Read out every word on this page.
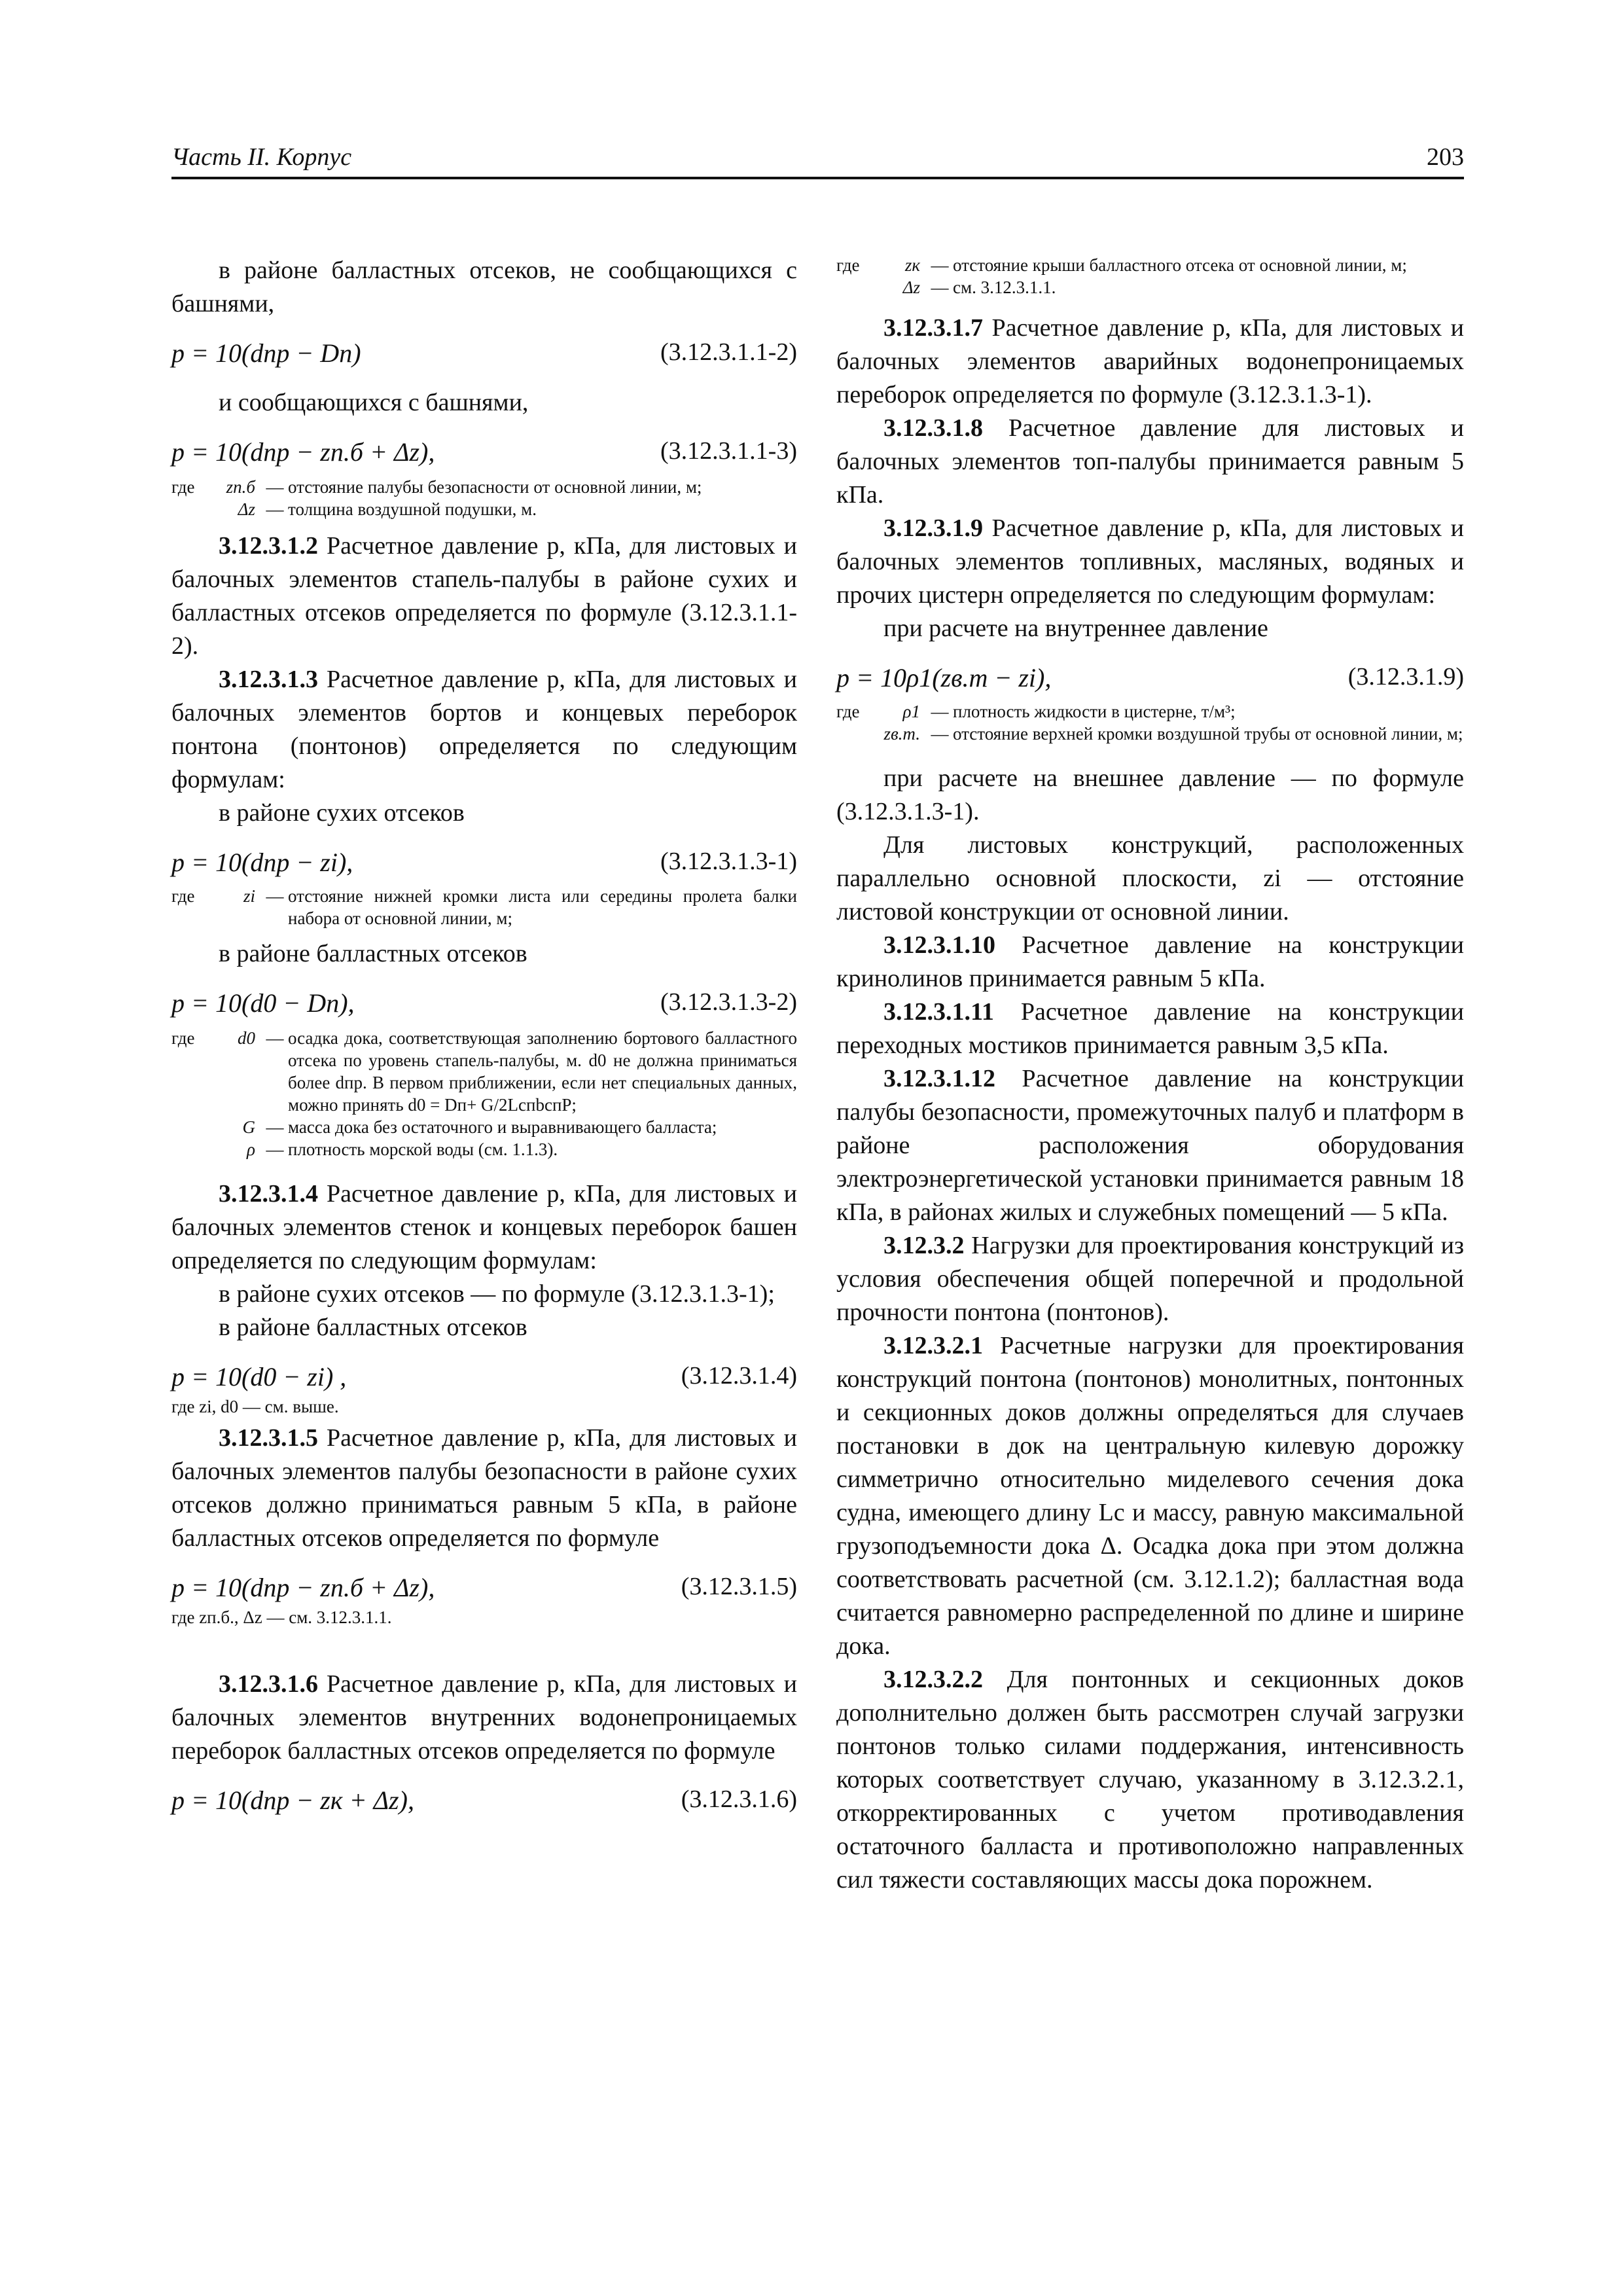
Часть II. Корпус	203

в районе балластных отсеков, не сообщающихся с башнями,

p = 10(dпр − Dп)	(3.12.3.1.1-2)

и сообщающихся с башнями,

p = 10(dпр − zп.б + Δz),	(3.12.3.1.1-3)
где	zп.б	—	отстояние палубы безопасности от основной линии, м;
	Δz	—	толщина воздушной подушки, м.

3.12.3.1.2 Расчетное давление p, кПа, для листовых и балочных элементов стапель-палубы в районе сухих и балластных отсеков определяется по формуле (3.12.3.1.1-2).

3.12.3.1.3 Расчетное давление p, кПа, для листовых и балочных элементов бортов и концевых переборок понтона (понтонов) определяется по следующим формулам:

в районе сухих отсеков

p = 10(dпр − zi),	(3.12.3.1.3-1)
где	zi	—	отстояние нижней кромки листа или середины пролета балки набора от основной линии, м;

в районе балластных отсеков

p = 10(d0 − Dп),	(3.12.3.1.3-2)
где	d0	—	осадка дока, соответствующая заполнению бортового балластного отсека по уровень стапель-палубы, м. d0 не должна приниматься более dпр. В первом приближении, если нет специальных данных, можно принять d0 = Dп+ G/2LспbспΡ;
	G	—	масса дока без остаточного и выравнивающего балласта;
	ρ	—	плотность морской воды (см. 1.1.3).

3.12.3.1.4 Расчетное давление p, кПа, для листовых и балочных элементов стенок и концевых переборок башен определяется по следующим формулам:

в районе сухих отсеков — по формуле (3.12.3.1.3-1);

в районе балластных отсеков

p = 10(d0 − zi) ,	(3.12.3.1.4)
где zi, d0 — см. выше.

3.12.3.1.5 Расчетное давление p, кПа, для листовых и балочных элементов палубы безопасности в районе сухих отсеков должно приниматься равным 5 кПа, в районе балластных отсеков определяется по формуле

p = 10(dпр − zп.б + Δz),	(3.12.3.1.5)
где zп.б., Δz — см. 3.12.3.1.1.

3.12.3.1.6 Расчетное давление p, кПа, для листовых и балочных элементов внутренних водонепроницаемых переборок балластных отсеков определяется по формуле

p = 10(dпр − zк + Δz),	(3.12.3.1.6)
где	zк	—	отстояние крыши балластного отсека от основной линии, м;
	Δz	—	см. 3.12.3.1.1.

3.12.3.1.7 Расчетное давление p, кПа, для листовых и балочных элементов аварийных водонепроницаемых переборок определяется по формуле (3.12.3.1.3-1).

3.12.3.1.8 Расчетное давление для листовых и балочных элементов топ-палубы принимается равным 5 кПа.

3.12.3.1.9 Расчетное давление p, кПа, для листовых и балочных элементов топливных, масляных, водяных и прочих цистерн определяется по следующим формулам:

при расчете на внутреннее давление

p = 10ρ1(zв.т − zi),	(3.12.3.1.9)
где	ρ1	—	плотность жидкости в цистерне, т/м³;
	zв.т.	—	отстояние верхней кромки воздушной трубы от основной линии, м;

при расчете на внешнее давление — по формуле (3.12.3.1.3-1).

Для листовых конструкций, расположенных параллельно основной плоскости, zi — отстояние листовой конструкции от основной линии.

3.12.3.1.10 Расчетное давление на конструкции кринолинов принимается равным 5 кПа.

3.12.3.1.11 Расчетное давление на конструкции переходных мостиков принимается равным 3,5 кПа.

3.12.3.1.12 Расчетное давление на конструкции палубы безопасности, промежуточных палуб и платформ в районе расположения оборудования электроэнергетической установки принимается равным 18 кПа, в районах жилых и служебных помещений — 5 кПа.

3.12.3.2 Нагрузки для проектирования конструкций из условия обеспечения общей поперечной и продольной прочности понтона (понтонов).

3.12.3.2.1 Расчетные нагрузки для проектирования конструкций понтона (понтонов) монолитных, понтонных и секционных доков должны определяться для случаев постановки в док на центральную килевую дорожку симметрично относительно миделевого сечения дока судна, имеющего длину Lс и массу, равную максимальной грузоподъемности дока Δ. Осадка дока при этом должна соответствовать расчетной (см. 3.12.1.2); балластная вода считается равномерно распределенной по длине и ширине дока.

3.12.3.2.2 Для понтонных и секционных доков дополнительно должен быть рассмотрен случай загрузки понтонов только силами поддержания, интенсивность которых соответствует случаю, указанному в 3.12.3.2.1, откорректированных с учетом противодавления остаточного балласта и противоположно направленных сил тяжести составляющих массы дока порожнем.
